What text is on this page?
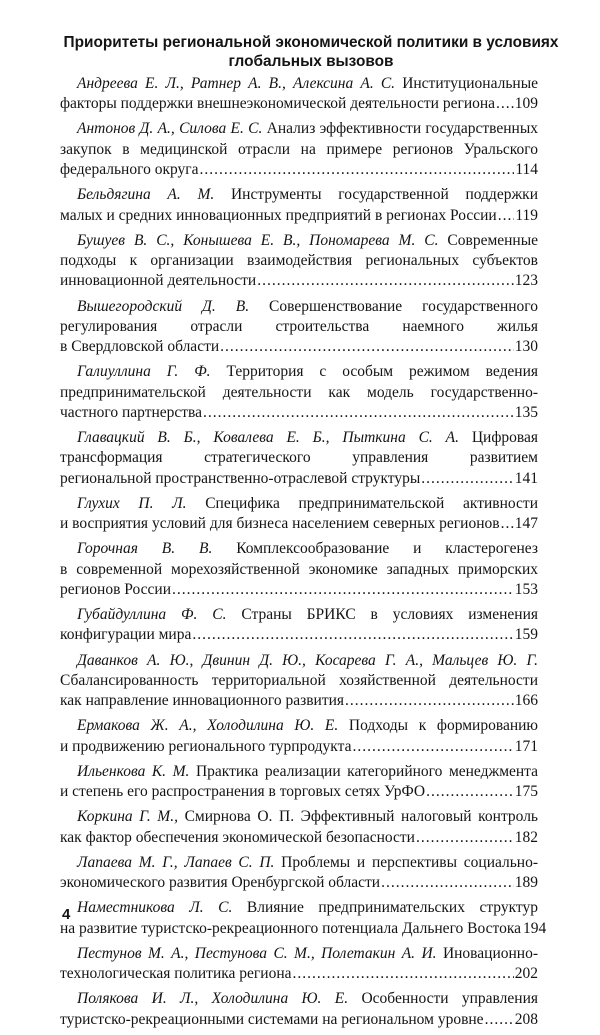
Приоритеты региональной экономической политики в условиях
глобальных вызовов

Андреева Е. Л., Ратнер А. В., Алексина А. С. Институциональные

факторы поддержки внешнеэкономической деятельности региона ..... 109

Антонов Д. А., Силова Е. С. Анализ эффективности государственных

закупок в медицинской отрасли на примере регионов Уральского

федерального округа .....	114

Бельдягина А. М. Инструменты государственной поддержки

малых и средних инновационных предприятий в регионах России ..... 119

Бушуев В. С., Конышева Е. В., Пономарева М. С. Современные

подходы к организации взаимодействия региональных субъектов

инновационной деятельности .....	123

Вышегородский Д. В. Совершенствование государственного

регулирования отрасли строительства наемного жилья

в Свердловской области .....	130

Галиуллина Г. Ф. Территория с особым режимом ведения

предпринимательской деятельности как модель государственно-

частного партнерства .....	135

Главацкий В. Б., Ковалева Е. Б., Пыткина С. А. Цифровая

трансформация стратегического управления развитием

региональной пространственно-отраслевой структуры .....	141

Глухих П. Л. Специфика предпринимательской активности

и восприятия условий для бизнеса населением северных регионов ..... 147

Горочная В. В. Комплексообразование и кластерогенез

в современной морехозяйственной экономике западных приморских

регионов России .....	153

Губайдуллина Ф. С. Страны БРИКС в условиях изменения

конфигурации мира .....	159

Даванков А. Ю., Двинин Д. Ю., Косарева Г. А., Мальцев Ю. Г.

Сбалансированность территориальной хозяйственной деятельности

как направление инновационного развития .....	166

Ермакова Ж. А., Холодилина Ю. Е. Подходы к формированию

и продвижению регионального турпродукта .....	171

Ильенкова К. М. Практика реализации категорийного менеджмента

и степень его распространения в торговых сетях УрФО .....	175

Коркина Г. М., Смирнова О. П. Эффективный налоговый контроль

как фактор обеспечения экономической безопасности .....	182

Лапаева М. Г., Лапаев С. П. Проблемы и перспективы социально-

экономического развития Оренбургской области .....	189

Наместникова Л. С. Влияние предпринимательских структур

на развитие туристско-рекреационного потенциала Дальнего Востока 194

Пестунов М. А., Пестунова С. М., Полетакин А. И. Иновационно-

технологическая политика региона .....	202

Полякова И. Л., Холодилина Ю. Е. Особенности управления

туристско-рекреационными системами на региональном уровне ..... 208

4
